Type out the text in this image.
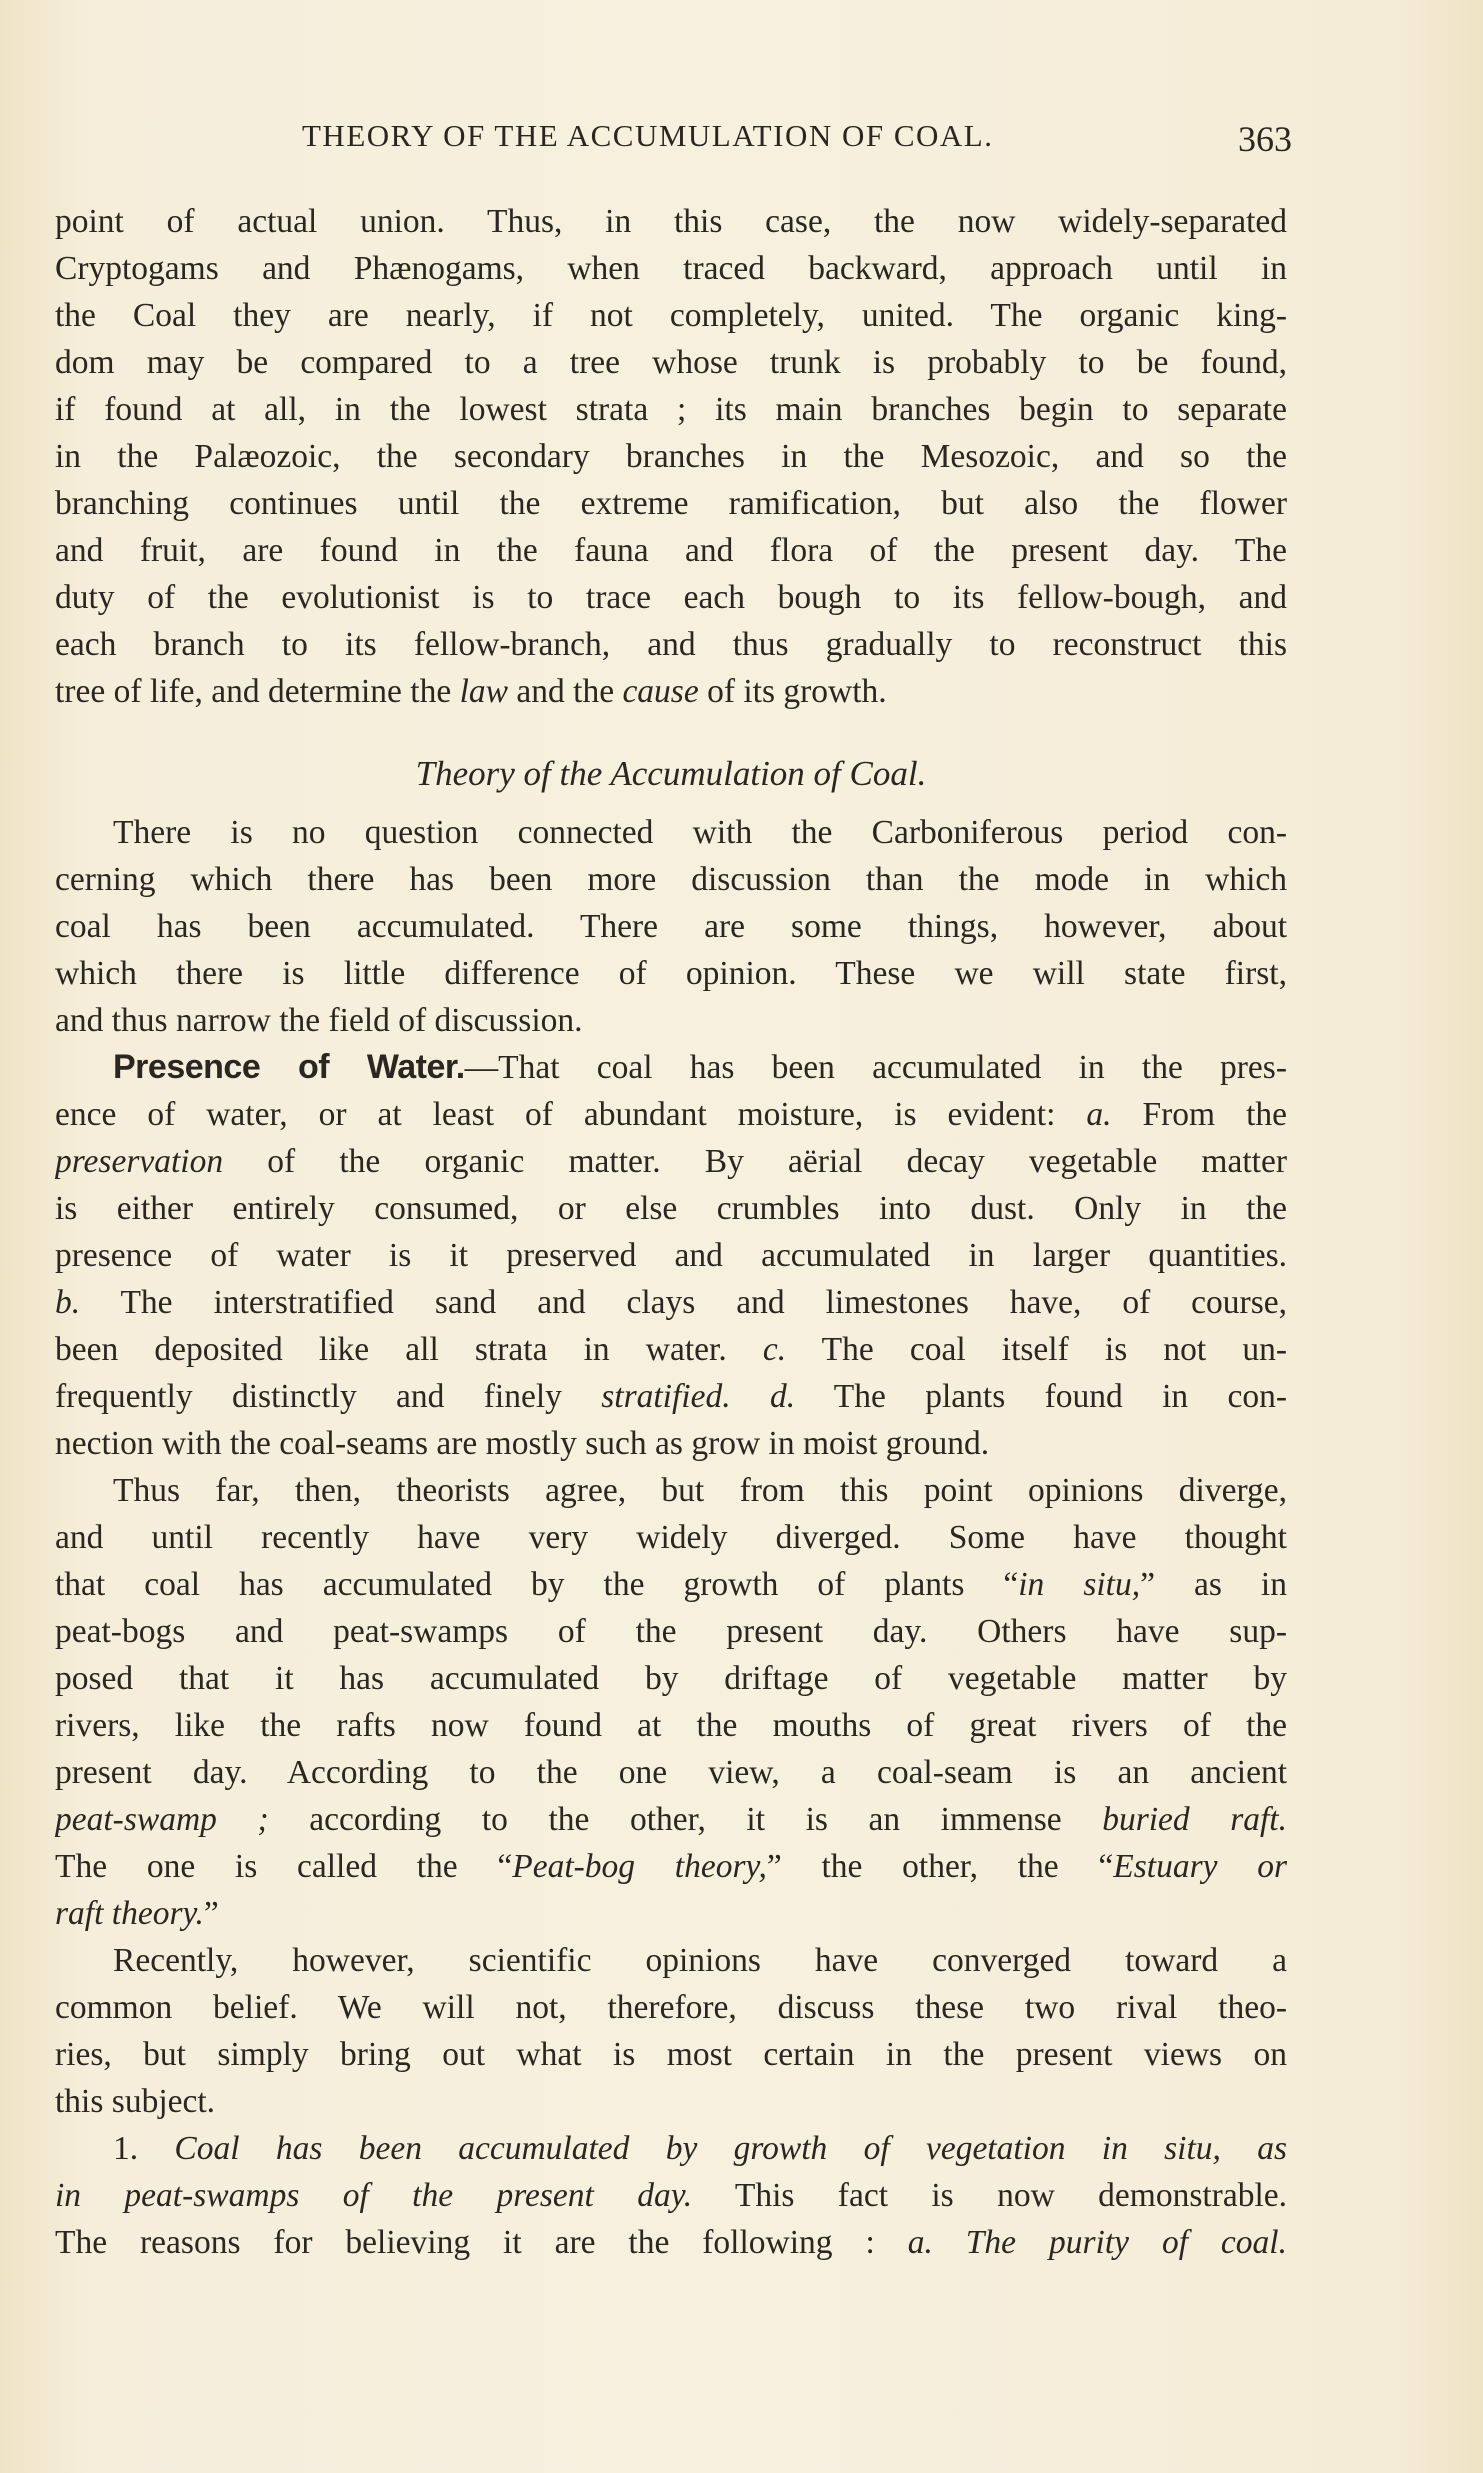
THEORY OF THE ACCUMULATION OF COAL.	363
point of actual union. Thus, in this case, the now widely-separated
Cryptogams and Phænogams, when traced backward, approach until in
the Coal they are nearly, if not completely, united. The organic king-
dom may be compared to a tree whose trunk is probably to be found,
if found at all, in the lowest strata ; its main branches begin to separate
in the Palæozoic, the secondary branches in the Mesozoic, and so the
branching continues until the extreme ramification, but also the flower
and fruit, are found in the fauna and flora of the present day. The
duty of the evolutionist is to trace each bough to its fellow-bough, and
each branch to its fellow-branch, and thus gradually to reconstruct this
tree of life, and determine the law and the cause of its growth.
Theory of the Accumulation of Coal.
There is no question connected with the Carboniferous period con-
cerning which there has been more discussion than the mode in which
coal has been accumulated. There are some things, however, about
which there is little difference of opinion. These we will state first,
and thus narrow the field of discussion.
Presence of Water.—That coal has been accumulated in the pres-
ence of water, or at least of abundant moisture, is evident: a. From the
preservation of the organic matter. By aërial decay vegetable matter
is either entirely consumed, or else crumbles into dust. Only in the
presence of water is it preserved and accumulated in larger quantities.
b. The interstratified sand and clays and limestones have, of course,
been deposited like all strata in water. c. The coal itself is not un-
frequently distinctly and finely stratified. d. The plants found in con-
nection with the coal-seams are mostly such as grow in moist ground.
Thus far, then, theorists agree, but from this point opinions diverge,
and until recently have very widely diverged. Some have thought
that coal has accumulated by the growth of plants “in situ,” as in
peat-bogs and peat-swamps of the present day. Others have sup-
posed that it has accumulated by driftage of vegetable matter by
rivers, like the rafts now found at the mouths of great rivers of the
present day. According to the one view, a coal-seam is an ancient
peat-swamp ; according to the other, it is an immense buried raft.
The one is called the “Peat-bog theory,” the other, the “Estuary or
raft theory.”
Recently, however, scientific opinions have converged toward a
common belief. We will not, therefore, discuss these two rival theo-
ries, but simply bring out what is most certain in the present views on
this subject.
1. Coal has been accumulated by growth of vegetation in situ, as
in peat-swamps of the present day. This fact is now demonstrable.
The reasons for believing it are the following : a. The purity of coal.
